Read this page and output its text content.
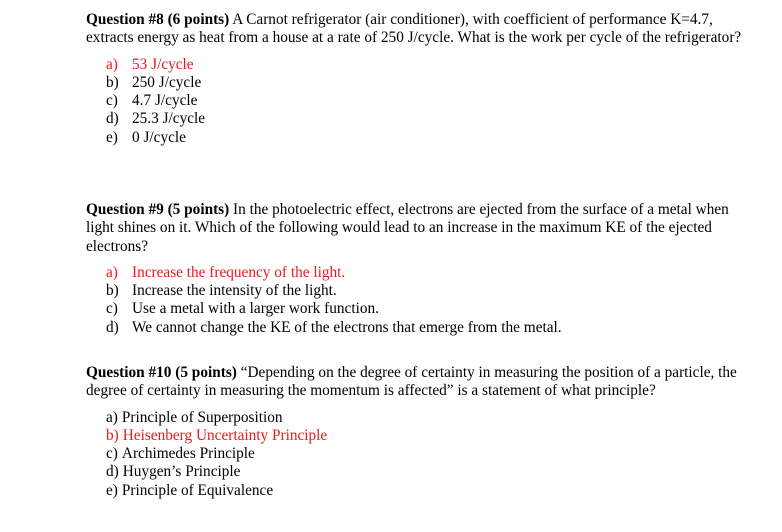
Question #8 (6 points) A Carnot refrigerator (air conditioner), with coefficient of performance K=4.7, extracts energy as heat from a house at a rate of 250 J/cycle. What is the work per cycle of the refrigerator?

a) 53 J/cycle
b) 250 J/cycle
c) 4.7 J/cycle
d) 25.3 J/cycle
e) 0 J/cycle

Question #9 (5 points) In the photoelectric effect, electrons are ejected from the surface of a metal when light shines on it. Which of the following would lead to an increase in the maximum KE of the ejected electrons?

a) Increase the frequency of the light.
b) Increase the intensity of the light.
c) Use a metal with a larger work function.
d) We cannot change the KE of the electrons that emerge from the metal.

Question #10 (5 points) “Depending on the degree of certainty in measuring the position of a particle, the degree of certainty in measuring the momentum is affected” is a statement of what principle?

a) Principle of Superposition
b) Heisenberg Uncertainty Principle
c) Archimedes Principle
d) Huygen’s Principle
e) Principle of Equivalence
